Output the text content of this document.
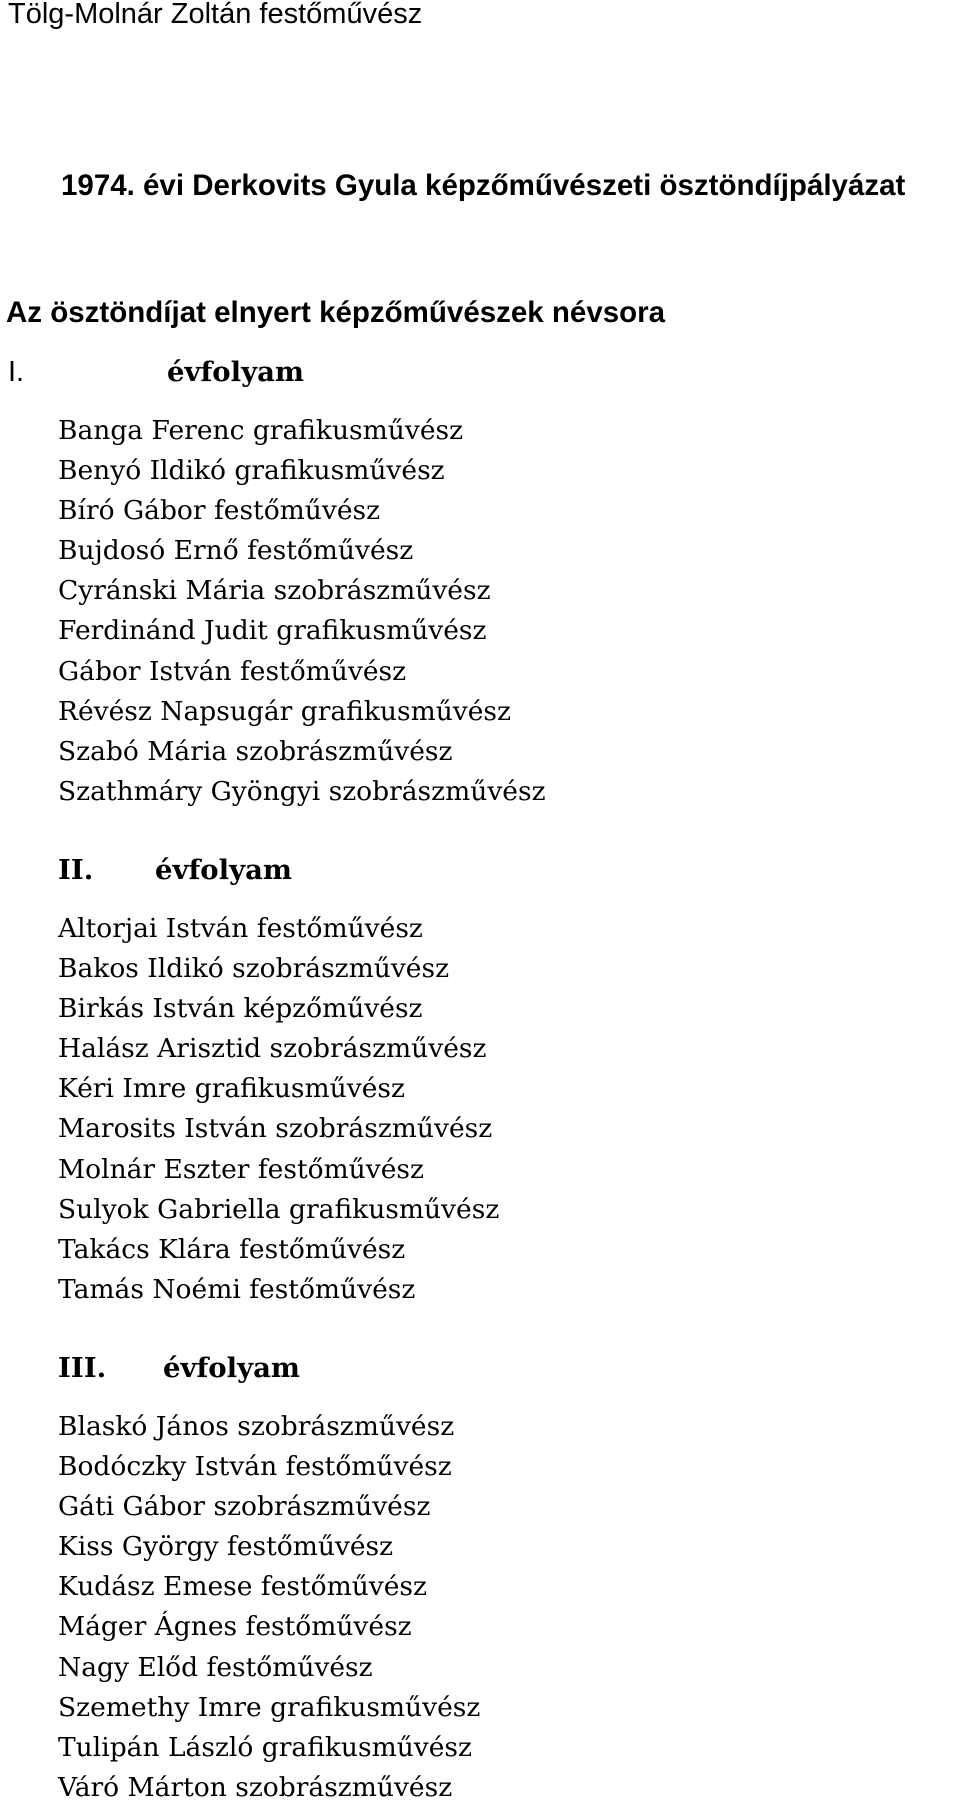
Tölg-Molnár Zoltán festőművész
1974. évi Derkovits Gyula képzőművészeti ösztöndíjpályázat
Az ösztöndíjat elnyert képzőművészek névsora
I.	évfolyam
Banga Ferenc grafikusművész
Benyó Ildikó grafikusművész
Bíró Gábor festőművész
Bujdosó Ernő festőművész
Cyránski Mária szobrászművész
Ferdinánd Judit grafikusművész
Gábor István festőművész
Révész Napsugár grafikusművész
Szabó Mária szobrászművész
Szathmáry Gyöngyi szobrászművész
II. évfolyam
Altorjai István festőművész
Bakos Ildikó szobrászművész
Birkás István képzőművész
Halász Arisztid szobrászművész
Kéri Imre grafikusművész
Marosits István szobrászművész
Molnár Eszter festőművész
Sulyok Gabriella grafikusművész
Takács Klára festőművész
Tamás Noémi festőművész
III. évfolyam
Blaskó János szobrászművész
Bodóczky István festőművész
Gáti Gábor szobrászművész
Kiss György festőművész
Kudász Emese festőművész
Máger Ágnes festőművész
Nagy Előd festőművész
Szemethy Imre grafikusművész
Tulipán László grafikusművész
Váró Márton szobrászművész
